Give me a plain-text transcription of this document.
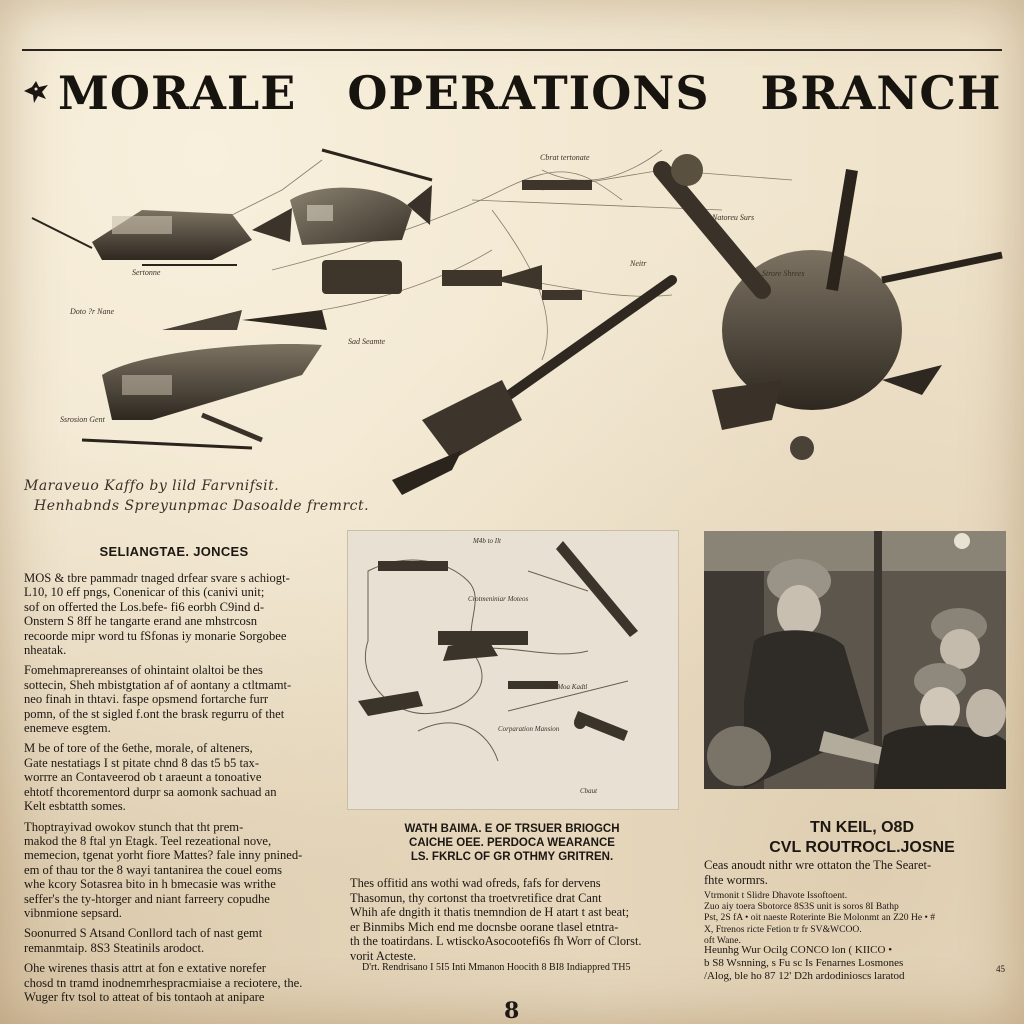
MORALE OPERATIONS BRANCH
Sertonne
Doto ?r Nane
Ssrosion Gent
Sad Seamte
Cbrat tertonate
Strore Shrees
Natoreu Surs
Neitr
Maraveuo Kaffo by lild Farvnifsit.
Henhabnds Spreyunpmac Dasoalde fremrct.
SELIANGTAE. JONCES

MOS & tbre pammadr tnaged drfear svare s achiogt-

L10, 10 eff pngs, Conenicar of this (canivi unit;

sof on offerted the Los.befe- fi6 eorbh C9ind d-

Onstern S 8ff he tangarte erand ane mhstrcosn

recoorde mipr word tu fSfonas iy monarie Sorgobee

nheatak.

Fomehmaprereanses of ohintaint olaltoi be thes

sottecin, Sheh mbistgtation af of aontany a ctltmamt-

neo finah in thtavi. faspe opsmend fortarche furr

pomn, of the st sigled f.ont the brask regurru of thet

enemeve esgtem.

M be of tore of the 6ethe, morale, of alteners,

Gate nestatiags I st pitate chnd 8 das t5 b5 tax-

worrre an Contaveerod ob t araeunt a tonoative

ehtotf thcorementord durpr sa aomonk sachuad an

Kelt esbtatth somes.

Thoptrayivad owokov stunch that tht prem-

makod the 8 ftal yn Etagk. Teel rezeational nove,

memecion, tgenat yorht fiore Mattes? fale inny pnined-

em of thau tor the 8 wayi tantanirea the couel eoms

whe kcory Sotasrea bito in h bmecasie was writhe

seffer's the ty-htorger and niant farreery copudhe

vibnmione sepsard.

Soonurred S Atsand Conllord tach of nast gemt

remanmtaip. 8S3 Steatinils arodoct.

Ohe wirenes thasis attrt at fon e extative norefer

chosd tn tramd inodnemrhespracmiaise a reciotere, the.

Wuger ftv tsol to atteat of bis tontaoh at anipare

M4b to Ilt
Crotmeniniar Moteos
Orts Moa Kadtl
Corparation Mansion
Cbaut
WATH BAIMA. E OF TRSUER BRIOGCH
CAICHE OEE. PERDOCA WEARANCE
LS. FKRLC OF GR OTHMY GRITREN.
Thes offitid ans wothi wad ofreds, fafs for dervens
Thasomun, thy cortonst tha troetvretifice drat Cant
Whih afe dngith it thatis tnemndion de H atart t ast beat;
er Binmibs Mich end me docnsbe oorane tlasel etntra-
th the toatirdans. L wtisckoAsocootefi6s fh Worr of Clorst.
vorit Acteste.
D'rt. Rendrisano I 5I5 Inti Mmanon Hoocith 8 BI8 Indiappred TH5
TN KEIL, O8D
CVL ROUTROCL.JOSNE
Ceas anoudt nithr wre ottaton the The Searet-
fhte wormrs.
Vtrmonit t Slidre Dhavote Issoftoent.
Zuo aiy toera Sbotorce 8S3S unit is soros 8I Bathp
Pst, 2S fA • oit naeste Roterinte Bie Molonmt an Z20 He • #
X, Ftrenos ricte Fetion tr fr SV&WCOO.
oft Wane.
Heunhg Wur Ocilg CONCO lon ( KIICO •
b S8 Wsnning, s Fu sc Is Fenarnes Losmones
/Alog, ble ho 87 12' D2h ardodinioscs laratod
45
8
